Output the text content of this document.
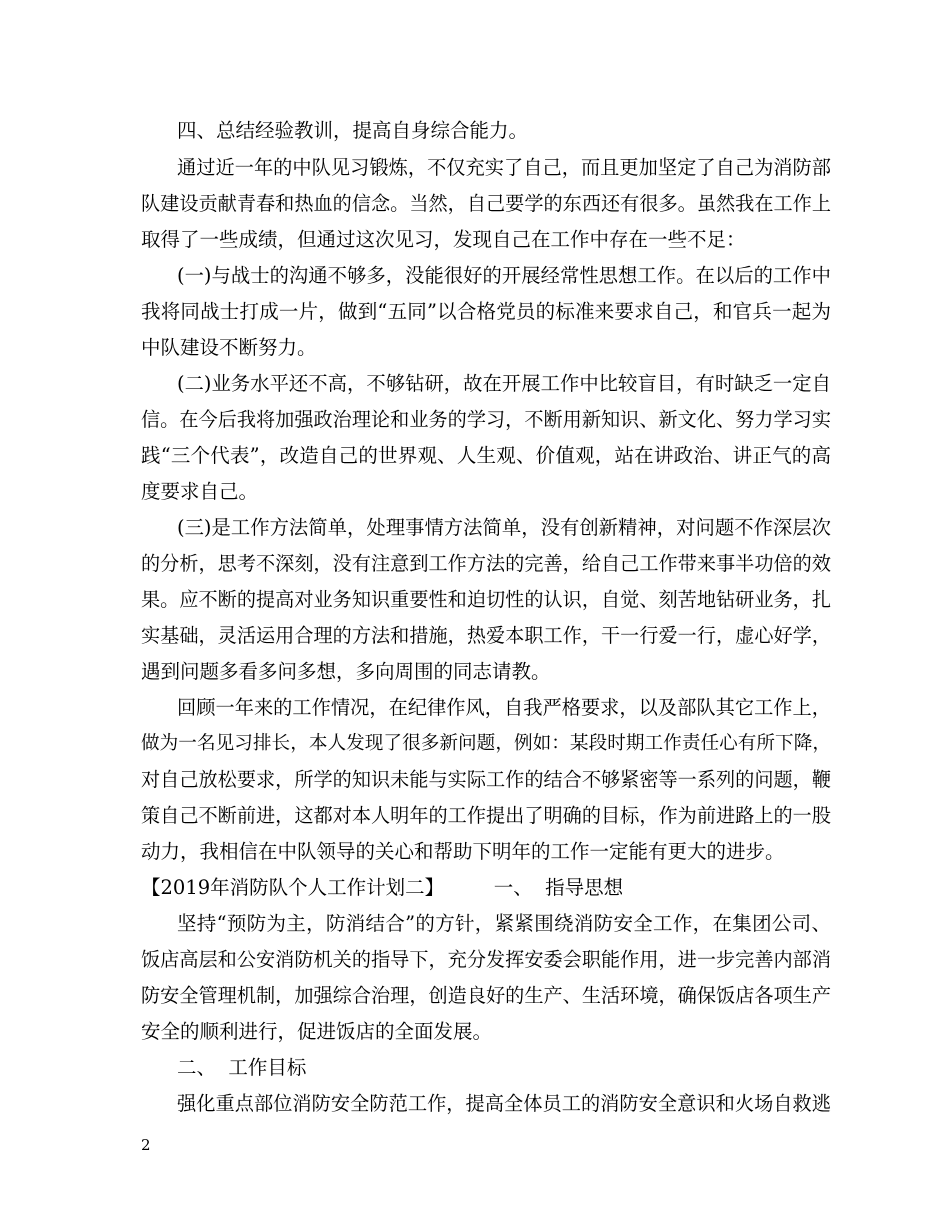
四、总结经验教训，提高自身综合能力。
通过近一年的中队见习锻炼，不仅充实了自己，而且更加坚定了自己为消防部
队建设贡献青春和热血的信念。当然，自己要学的东西还有很多。虽然我在工作上
取得了一些成绩，但通过这次见习，发现自己在工作中存在一些不足：
(一)与战士的沟通不够多，没能很好的开展经常性思想工作。在以后的工作中
我将同战士打成一片，做到“五同”以合格党员的标准来要求自己，和官兵一起为
中队建设不断努力。
(二)业务水平还不高，不够钻研，故在开展工作中比较盲目，有时缺乏一定自
信。在今后我将加强政治理论和业务的学习，不断用新知识、新文化、努力学习实
践“三个代表”，改造自己的世界观、人生观、价值观，站在讲政治、讲正气的高
度要求自己。
(三)是工作方法简单，处理事情方法简单，没有创新精神，对问题不作深层次
的分析，思考不深刻，没有注意到工作方法的完善，给自己工作带来事半功倍的效
果。应不断的提高对业务知识重要性和迫切性的认识，自觉、刻苦地钻研业务，扎
实基础，灵活运用合理的方法和措施，热爱本职工作，干一行爱一行，虚心好学，
遇到问题多看多问多想，多向周围的同志请教。
回顾一年来的工作情况，在纪律作风，自我严格要求，以及部队其它工作上，
做为一名见习排长，本人发现了很多新问题，例如：某段时期工作责任心有所下降，
对自己放松要求，所学的知识未能与实际工作的结合不够紧密等一系列的问题，鞭
策自己不断前进，这都对本人明年的工作提出了明确的目标，作为前进路上的一股
动力，我相信在中队领导的关心和帮助下明年的工作一定能有更大的进步。
【2019年消防队个人工作计划二】        一、  指导思想
坚持“预防为主，防消结合”的方针，紧紧围绕消防安全工作，在集团公司、
饭店高层和公安消防机关的指导下，充分发挥安委会职能作用，进一步完善内部消
防安全管理机制，加强综合治理，创造良好的生产、生活环境，确保饭店各项生产
安全的顺利进行，促进饭店的全面发展。
二、  工作目标
强化重点部位消防安全防范工作，提高全体员工的消防安全意识和火场自救逃
2
